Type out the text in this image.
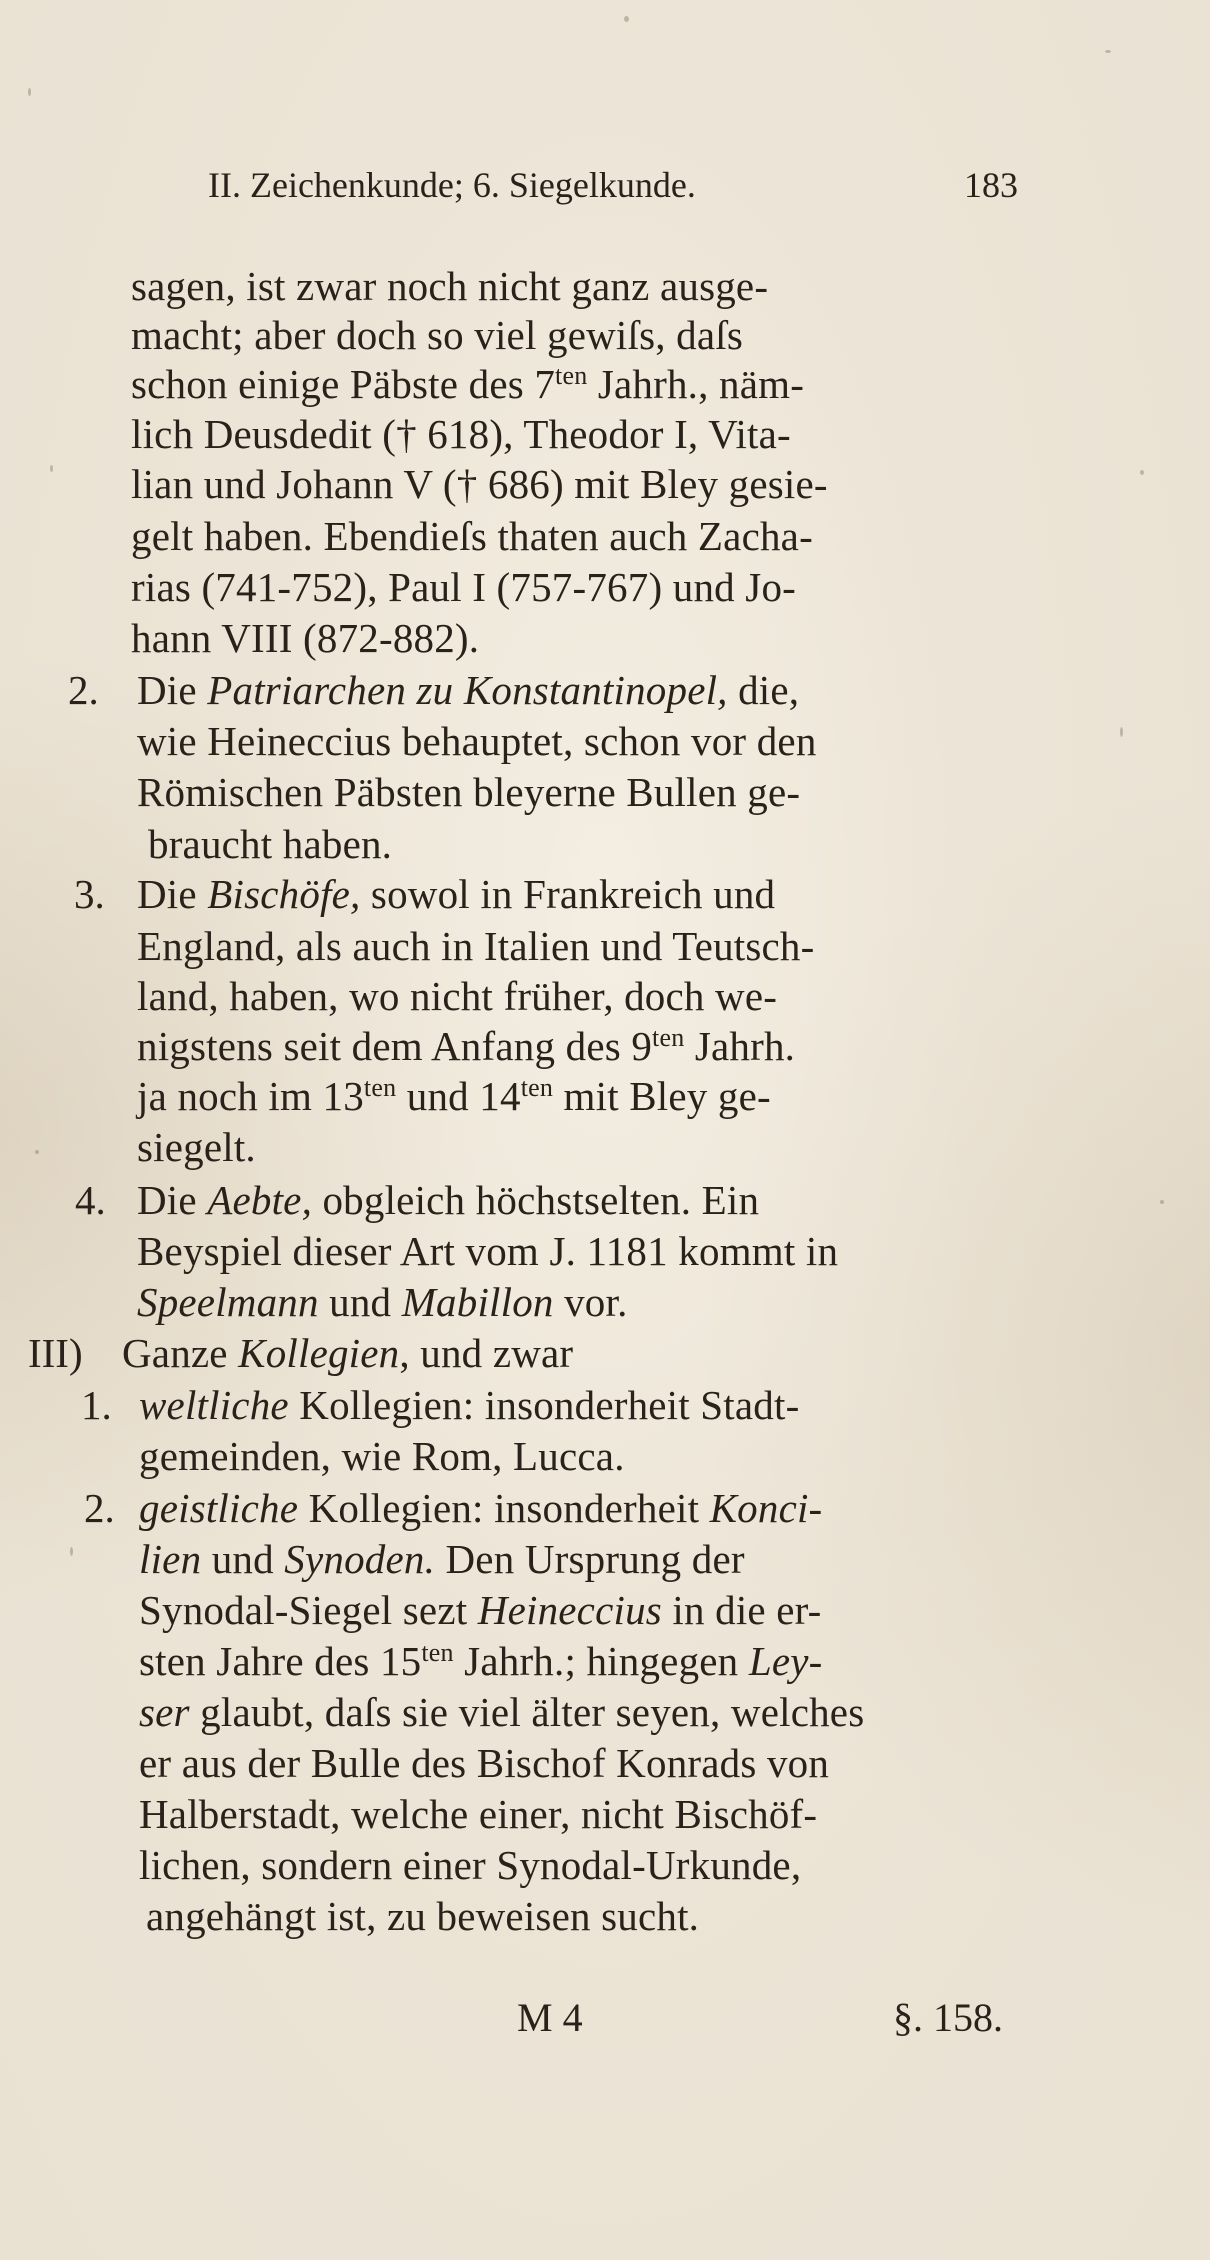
II. Zeichenkunde; 6. Siegelkunde.	183
sagen, ist zwar noch nicht ganz ausge-
macht; aber doch so viel gewiſs, daſs
schon einige Päbste des $7^{ten}$ Jahrh., näm-
lich Deusdedit († 618), Theodor I, Vita-
lian und Johann V († 686) mit Bley gesie-
gelt haben. Ebendieſs thaten auch Zacha-
rias (741-752), Paul I (757-767) und Jo-
hann VIII (872-882).
2. Die Patriarchen zu Konstantinopel, die,
wie Heineccius behauptet, schon vor den
Römischen Päbsten bleyerne Bullen ge-
braucht haben.
3. Die Bischöfe, sowol in Frankreich und
England, als auch in Italien und Teutsch-
land, haben, wo nicht früher, doch we-
nigstens seit dem Anfang des $9^{ten}$ Jahrh.
ja noch im $13^{ten}$ und $14^{ten}$ mit Bley ge-
siegelt.
4. Die Aebte, obgleich höchstselten. Ein
Beyspiel dieser Art vom J. 1181 kommt in
Speelmann und Mabillon vor.
III) Ganze Kollegien, und zwar
1. weltliche Kollegien: insonderheit Stadt-
gemeinden, wie Rom, Lucca.
2. geistliche Kollegien: insonderheit Konci-
lien und Synoden. Den Ursprung der
Synodal-Siegel sezt Heineccius in die er-
sten Jahre des $15^{ten}$ Jahrh.; hingegen Ley-
ser glaubt, daſs sie viel älter seyen, welches
er aus der Bulle des Bischof Konrads von
Halberstadt, welche einer, nicht Bischöf-
lichen, sondern einer Synodal-Urkunde,
angehängt ist, zu beweisen sucht.
M 4	§. 158.
